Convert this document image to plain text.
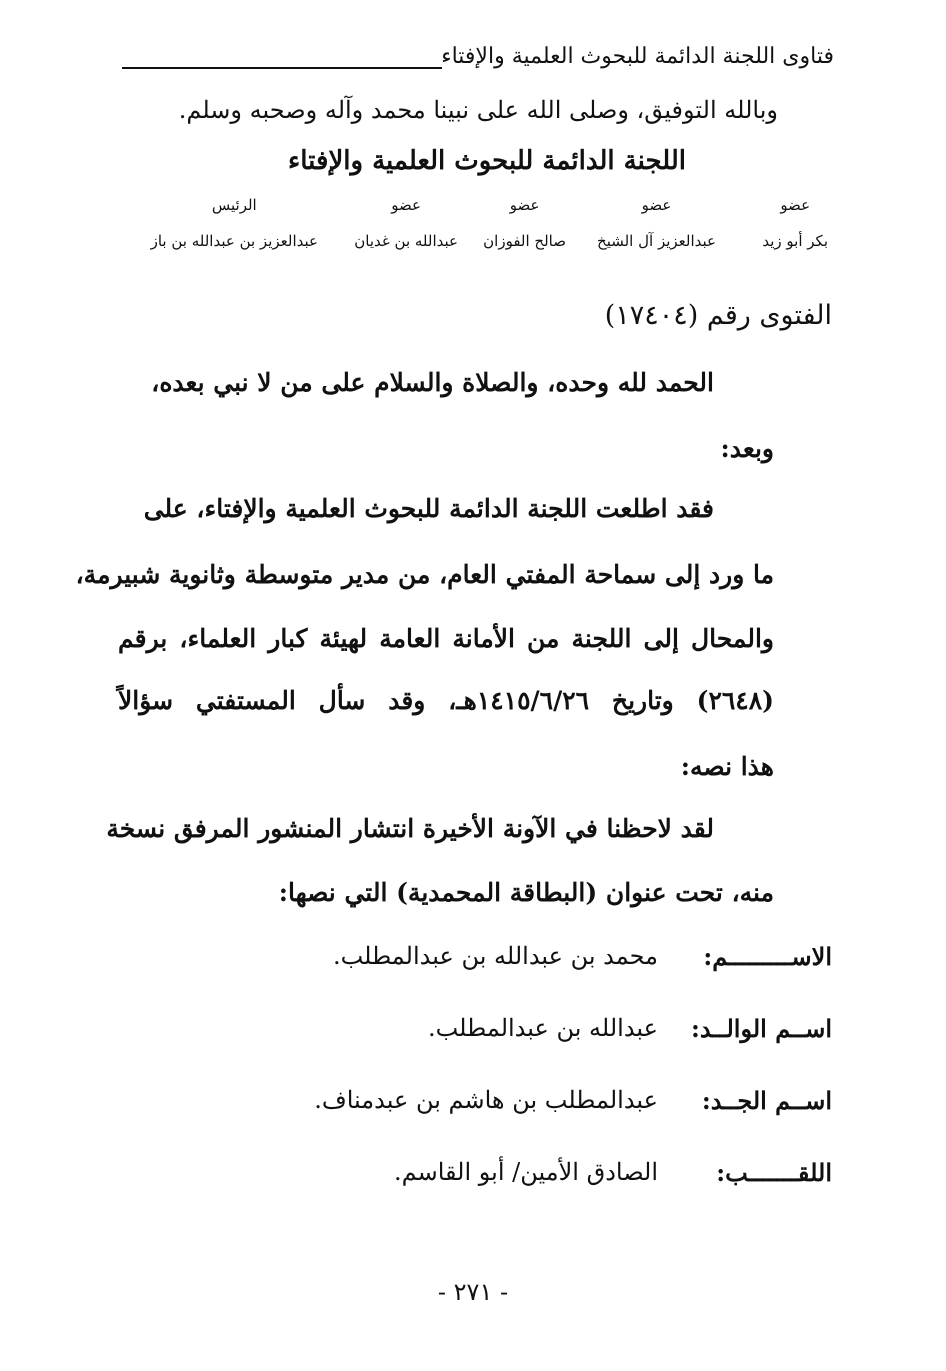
فتاوى اللجنة الدائمة للبحوث العلمية والإفتاء
وبالله التوفيق، وصلى الله على نبينا محمد وآله وصحبه وسلم.
اللجنة الدائمة للبحوث العلمية والإفتاء
عضو
بكر أبو زيد
عضو
عبدالعزيز آل الشيخ
عضو
صالح الفوزان
عضو
عبدالله بن غديان
الرئيس
عبدالعزيز بن عبدالله بن باز
الفتوى رقم (١٧٤٠٤)
الحمد لله وحده، والصلاة والسلام على من لا نبي بعده،
وبعد:
فقد اطلعت اللجنة الدائمة للبحوث العلمية والإفتاء، على
ما ورد إلى سماحة المفتي العام، من مدير متوسطة وثانوية شبيرمة،
والمحال إلى اللجنة من الأمانة العامة لهيئة كبار العلماء، برقم
(٢٦٤٨) وتاريخ ١٤١٥/٦/٢٦هـ، وقد سأل المستفتي سؤالاً
هذا نصه:
لقد لاحظنا في الآونة الأخيرة انتشار المنشور المرفق نسخة
منه، تحت عنوان (البطاقة المحمدية) التي نصها:
الاســـــــــم:
محمد بن عبدالله بن عبدالمطلب.
اســم الوالــد:
عبدالله بن عبدالمطلب.
اســم الجــد:
عبدالمطلب بن هاشم بن عبدمناف.
اللقـــــــب:
الصادق الأمين/ أبو القاسم.
- ٢٧١ -
